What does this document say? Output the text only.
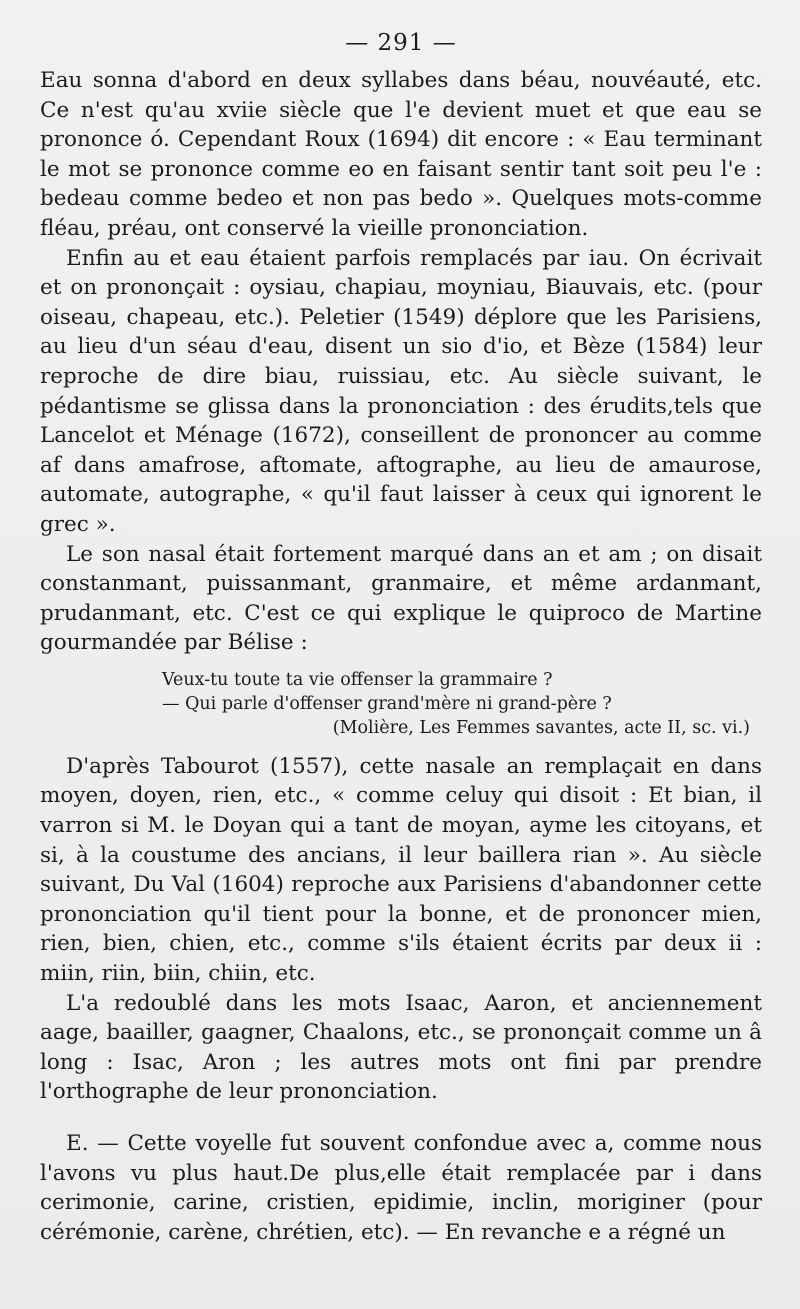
— 291 —

Eau sonna d'abord en deux syllabes dans béau, nouvéauté, etc. Ce n'est qu'au xviie siècle que l'e devient muet et que eau se prononce ó. Cependant Roux (1694) dit encore : « Eau terminant le mot se prononce comme eo en faisant sentir tant soit peu l'e : bedeau comme bedeo et non pas bedo ». Quelques mots-comme fléau, préau, ont conservé la vieille prononciation.

Enfin au et eau étaient parfois remplacés par iau. On écrivait et on prononçait : oysiau, chapiau, moyniau, Biauvais, etc. (pour oiseau, chapeau, etc.). Peletier (1549) déplore que les Parisiens, au lieu d'un séau d'eau, disent un sio d'io, et Bèze (1584) leur reproche de dire biau, ruissiau, etc. Au siècle suivant, le pédantisme se glissa dans la prononciation : des érudits,tels que Lancelot et Ménage (1672), conseillent de prononcer au comme af dans amafrose, aftomate, aftographe, au lieu de amaurose, automate, autographe, « qu'il faut laisser à ceux qui ignorent le grec ».

Le son nasal était fortement marqué dans an et am ; on disait constanmant, puissanmant, granmaire, et même ardanmant, prudanmant, etc. C'est ce qui explique le quiproco de Martine gourmandée par Bélise :

Veux-tu toute ta vie offenser la grammaire ?
— Qui parle d'offenser grand'mère ni grand-père ?
(Molière, Les Femmes savantes, acte II, sc. vi.)

D'après Tabourot (1557), cette nasale an remplaçait en dans moyen, doyen, rien, etc., « comme celuy qui disoit : Et bian, il varron si M. le Doyan qui a tant de moyan, ayme les citoyans, et si, à la coustume des ancians, il leur baillera rian ». Au siècle suivant, Du Val (1604) reproche aux Parisiens d'abandonner cette prononciation qu'il tient pour la bonne, et de prononcer mien, rien, bien, chien, etc., comme s'ils étaient écrits par deux ii : miin, riin, biin, chiin, etc.

L'a redoublé dans les mots Isaac, Aaron, et anciennement aage, baailler, gaagner, Chaalons, etc., se prononçait comme un â long : Isac, Aron ; les autres mots ont fini par prendre l'orthographe de leur prononciation.

E. — Cette voyelle fut souvent confondue avec a, comme nous l'avons vu plus haut.De plus,elle était remplacée par i dans cerimonie, carine, cristien, epidimie, inclin, moriginer (pour cérémonie, carène, chrétien, etc). — En revanche e a régné un
